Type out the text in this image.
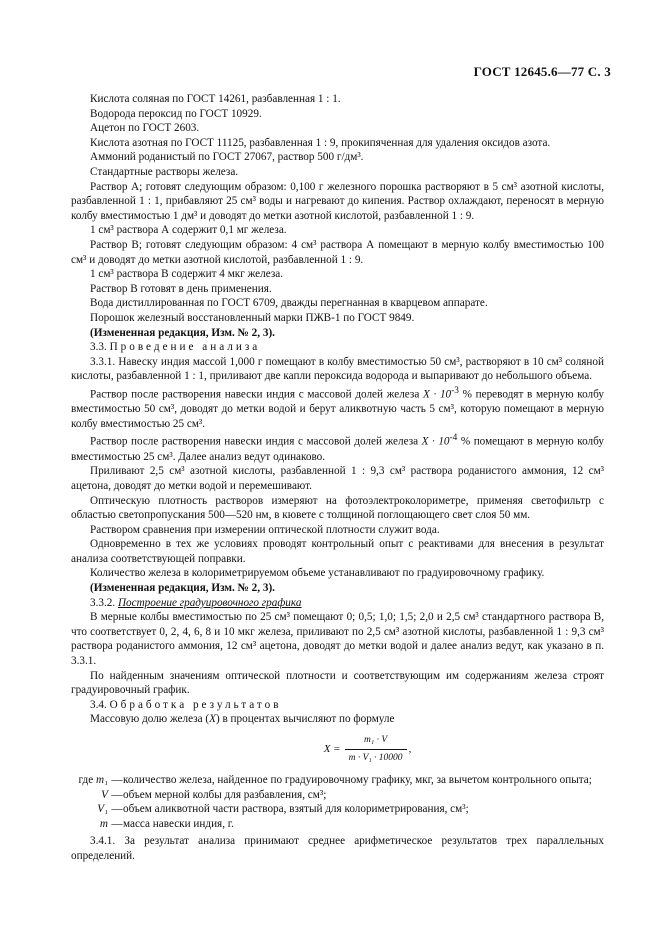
ГОСТ 12645.6—77 С. 3

Кислота соляная по ГОСТ 14261, разбавленная 1 : 1.

Водорода пероксид по ГОСТ 10929.

Ацетон по ГОСТ 2603.

Кислота азотная по ГОСТ 11125, разбавленная 1 : 9, прокипяченная для удаления оксидов азота.

Аммоний роданистый по ГОСТ 27067, раствор 500 г/дм³.

Стандартные растворы железа.

Раствор А; готовят следующим образом: 0,100 г железного порошка растворяют в 5 см³ азотной кислоты, разбавленной 1 : 1, прибавляют 25 см³ воды и нагревают до кипения. Раствор охлаждают, переносят в мерную колбу вместимостью 1 дм³ и доводят до метки азотной кислотой, разбавленной 1 : 9.

1 см³ раствора А содержит 0,1 мг железа.

Раствор В; готовят следующим образом: 4 см³ раствора А помещают в мерную колбу вместимостью 100 см³ и доводят до метки азотной кислотой, разбавленной 1 : 9.

1 см³ раствора В содержит 4 мкг железа.

Раствор В готовят в день применения.

Вода дистиллированная по ГОСТ 6709, дважды перегнанная в кварцевом аппарате.

Порошок железный восстановленный марки ПЖВ-1 по ГОСТ 9849.

(Измененная редакция, Изм. № 2, 3).

3.3. Проведение анализа

3.3.1. Навеску индия массой 1,000 г помещают в колбу вместимостью 50 см³, растворяют в 10 см³ соляной кислоты, разбавленной 1 : 1, приливают две капли пероксида водорода и выпаривают до небольшого объема.

Раствор после растворения навески индия с массовой долей железа $X \cdot 10^{-3}$ % переводят в мерную колбу вместимостью 50 см³, доводят до метки водой и берут аликвотную часть 5 см³, которую помещают в мерную колбу вместимостью 25 см³.

Раствор после растворения навески индия с массовой долей железа $X \cdot 10^{-4}$ % помещают в мерную колбу вместимостью 25 см³. Далее анализ ведут одинаково.

Приливают 2,5 см³ азотной кислоты, разбавленной 1 : 9,3 см³ раствора роданистого аммония, 12 см³ ацетона, доводят до метки водой и перемешивают.

Оптическую плотность растворов измеряют на фотоэлектроколориметре, применяя светофильтр с областью светопропускания 500—520 нм, в кювете с толщиной поглощающего свет слоя 50 мм.

Раствором сравнения при измерении оптической плотности служит вода.

Одновременно в тех же условиях проводят контрольный опыт с реактивами для внесения в результат анализа соответствующей поправки.

Количество железа в колориметрируемом объеме устанавливают по градуировочному графику.

(Измененная редакция, Изм. № 2, 3).

3.3.2. Построение градуировочного графика

В мерные колбы вместимостью по 25 см³ помещают 0; 0,5; 1,0; 1,5; 2,0 и 2,5 см³ стандартного раствора В, что соответствует 0, 2, 4, 6, 8 и 10 мкг железа, приливают по 2,5 см³ азотной кислоты, разбавленной 1 : 9,3 см³ раствора роданистого аммония, 12 см³ ацетона, доводят до метки водой и далее анализ ведут, как указано в п. 3.3.1.

По найденным значениям оптической плотности и соответствующим им содержаниям железа строят градуировочный график.

3.4. Обработка результатов

Массовую долю железа (X) в процентах вычисляют по формуле

$X = \frac{\text{m₁ · V}}{\text{m · V₁ · 10000}}$ ,
где m₁ — количество железа, найденное по градуировочному графику, мкг, за вычетом контрольного опыта;
V — объем мерной колбы для разбавления, см³;
V₁ — объем аликвотной части раствора, взятый для колориметрирования, см³;
m — масса навески индия, г.

3.4.1. За результат анализа принимают среднее арифметическое результатов трех параллельных определений.
